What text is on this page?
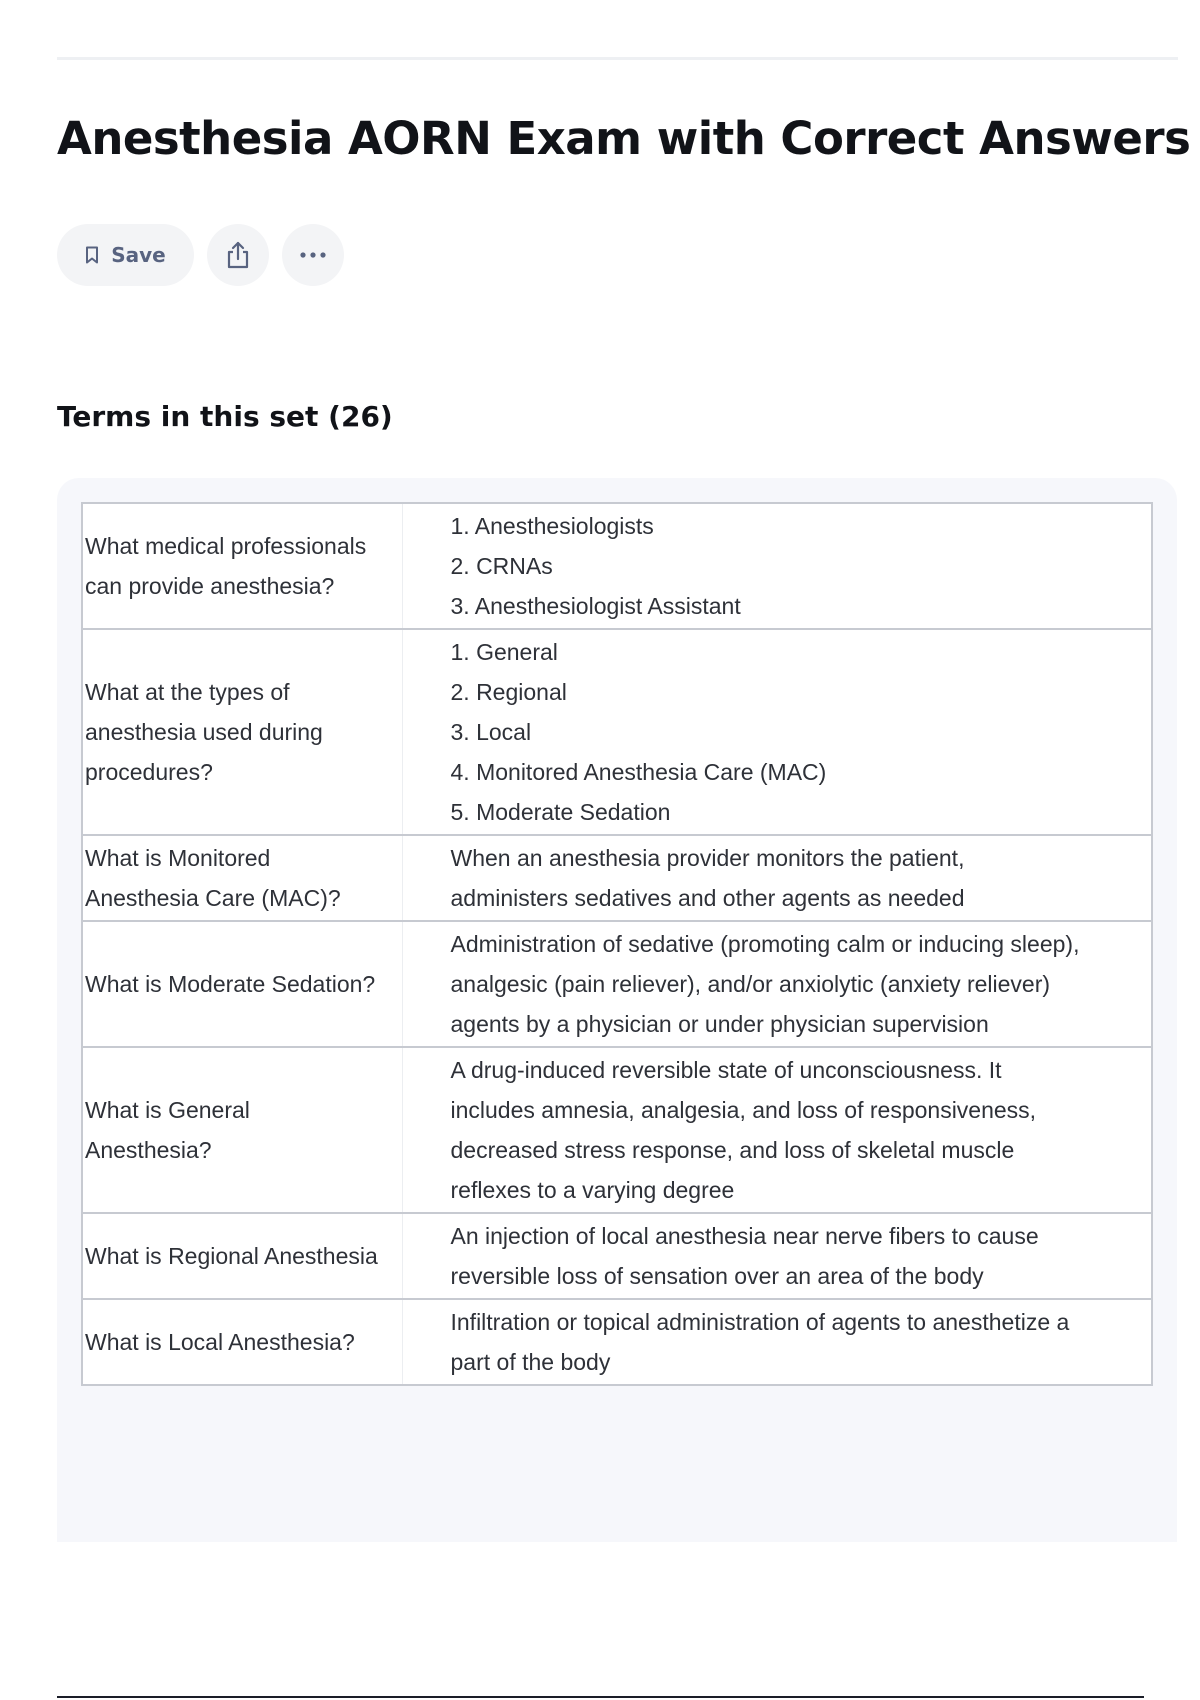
Anesthesia AORN Exam with Correct Answers
Save
Terms in this set (26)
What medical professionals can provide anesthesia?	1. Anesthesiologists
2. CRNAs
3. Anesthesiologist Assistant

What at the types of anesthesia used during procedures?	1. General
2. Regional
3. Local
4. Monitored Anesthesia Care (MAC)
5. Moderate Sedation

What is Monitored Anesthesia Care (MAC)?	When an anesthesia provider monitors the patient, administers sedatives and other agents as needed

What is Moderate Sedation?	Administration of sedative (promoting calm or inducing sleep), analgesic (pain reliever), and/or anxiolytic (anxiety reliever) agents by a physician or under physician supervision

What is General Anesthesia?	A drug-induced reversible state of unconsciousness. It includes amnesia, analgesia, and loss of responsiveness, decreased stress response, and loss of skeletal muscle reflexes to a varying degree

What is Regional Anesthesia	An injection of local anesthesia near nerve fibers to cause reversible loss of sensation over an area of the body

What is Local Anesthesia?	Infiltration or topical administration of agents to anesthetize a part of the body
